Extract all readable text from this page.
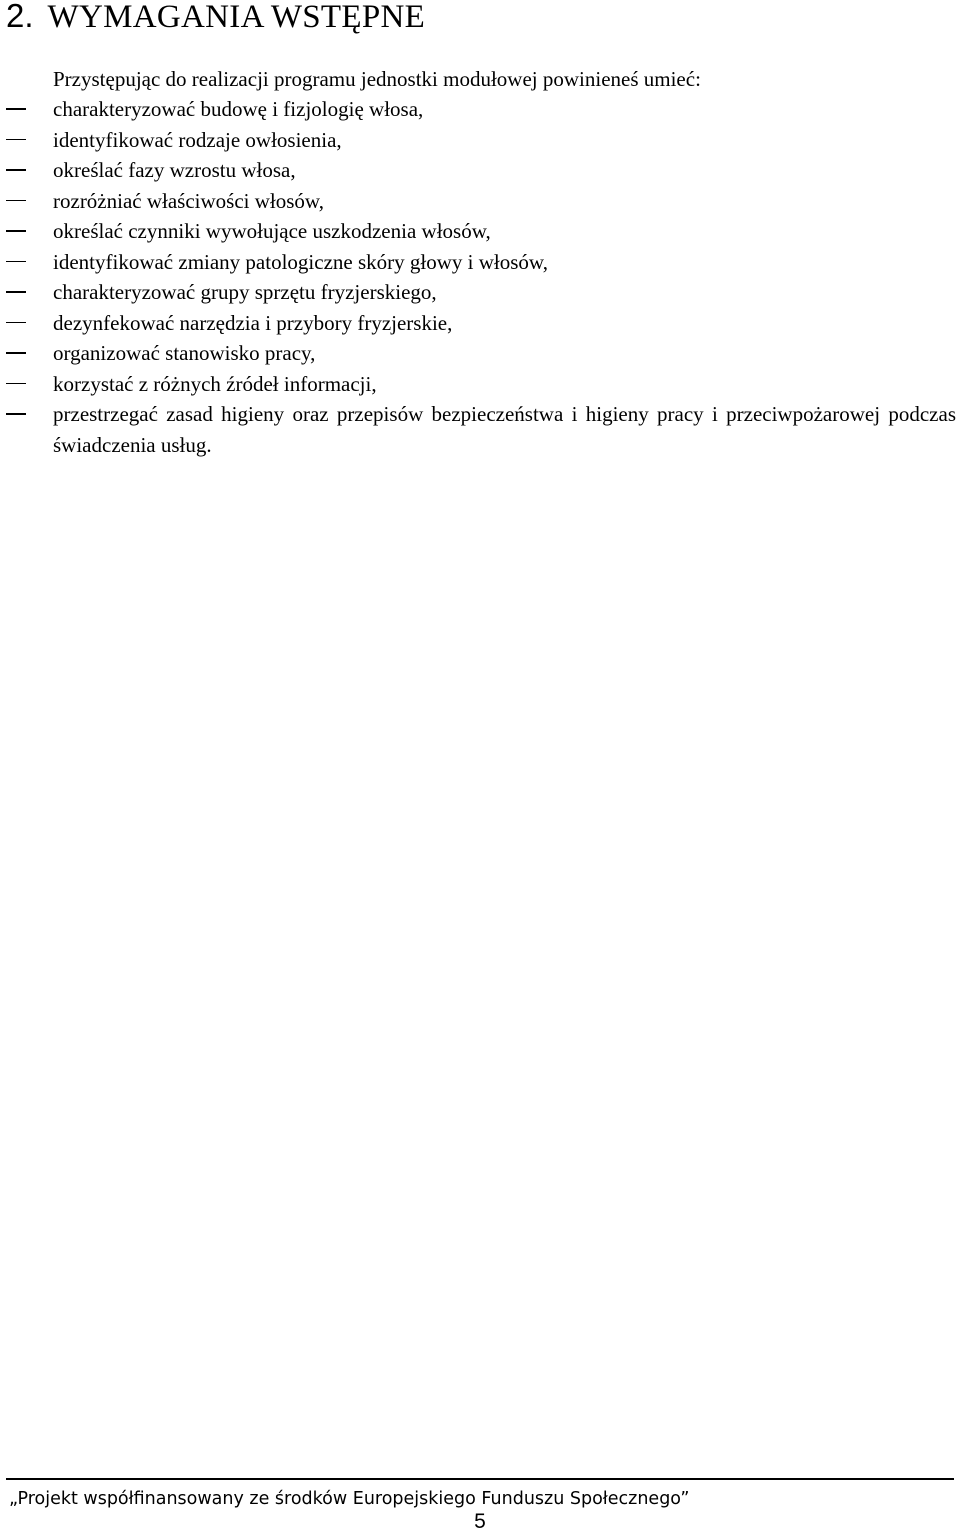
2. WYMAGANIA WSTĘPNE

Przystępując do realizacji programu jednostki modułowej powinieneś umieć:

charakteryzować budowę i fizjologię włosa,
identyfikować rodzaje owłosienia,
określać fazy wzrostu włosa,
rozróżniać właściwości włosów,
określać czynniki wywołujące uszkodzenia włosów,
identyfikować zmiany patologiczne skóry głowy i włosów,
charakteryzować grupy sprzętu fryzjerskiego,
dezynfekować narzędzia i przybory fryzjerskie,
organizować stanowisko pracy,
korzystać z różnych źródeł informacji,
przestrzegać zasad higieny oraz przepisów bezpieczeństwa i higieny pracy i przeciwpożarowej podczas świadczenia usług.

„Projekt współfinansowany ze środków Europejskiego Funduszu Społecznego”

5
